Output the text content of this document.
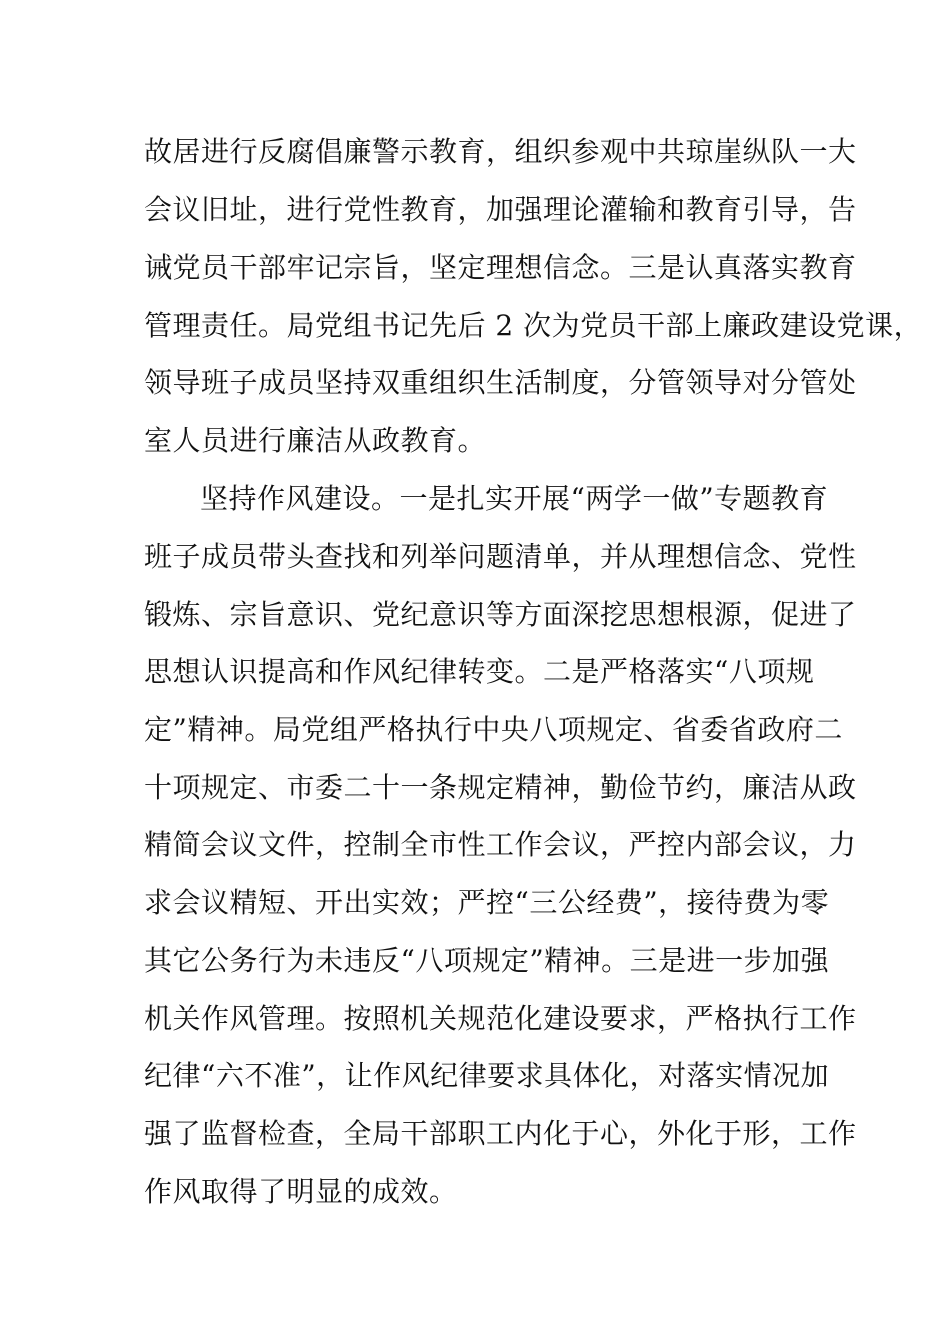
故居进行反腐倡廉警示教育，组织参观中共琼崖纵队一大

会议旧址，进行党性教育，加强理论灌输和教育引导，告

诫党员干部牢记宗旨，坚定理想信念。三是认真落实教育

管理责任。局党组书记先后 2 次为党员干部上廉政建设党课，

领导班子成员坚持双重组织生活制度，分管领导对分管处

室人员进行廉洁从政教育。

坚持作风建设。一是扎实开展“两学一做”专题教育

班子成员带头查找和列举问题清单，并从理想信念、党性

锻炼、宗旨意识、党纪意识等方面深挖思想根源，促进了

思想认识提高和作风纪律转变。二是严格落实“八项规

定”精神。局党组严格执行中央八项规定、省委省政府二

十项规定、市委二十一条规定精神，勤俭节约，廉洁从政

精简会议文件，控制全市性工作会议，严控内部会议，力

求会议精短、开出实效；严控“三公经费”，接待费为零

其它公务行为未违反“八项规定”精神。三是进一步加强

机关作风管理。按照机关规范化建设要求，严格执行工作

纪律“六不准”，让作风纪律要求具体化，对落实情况加

强了监督检查，全局干部职工内化于心，外化于形，工作

作风取得了明显的成效。
